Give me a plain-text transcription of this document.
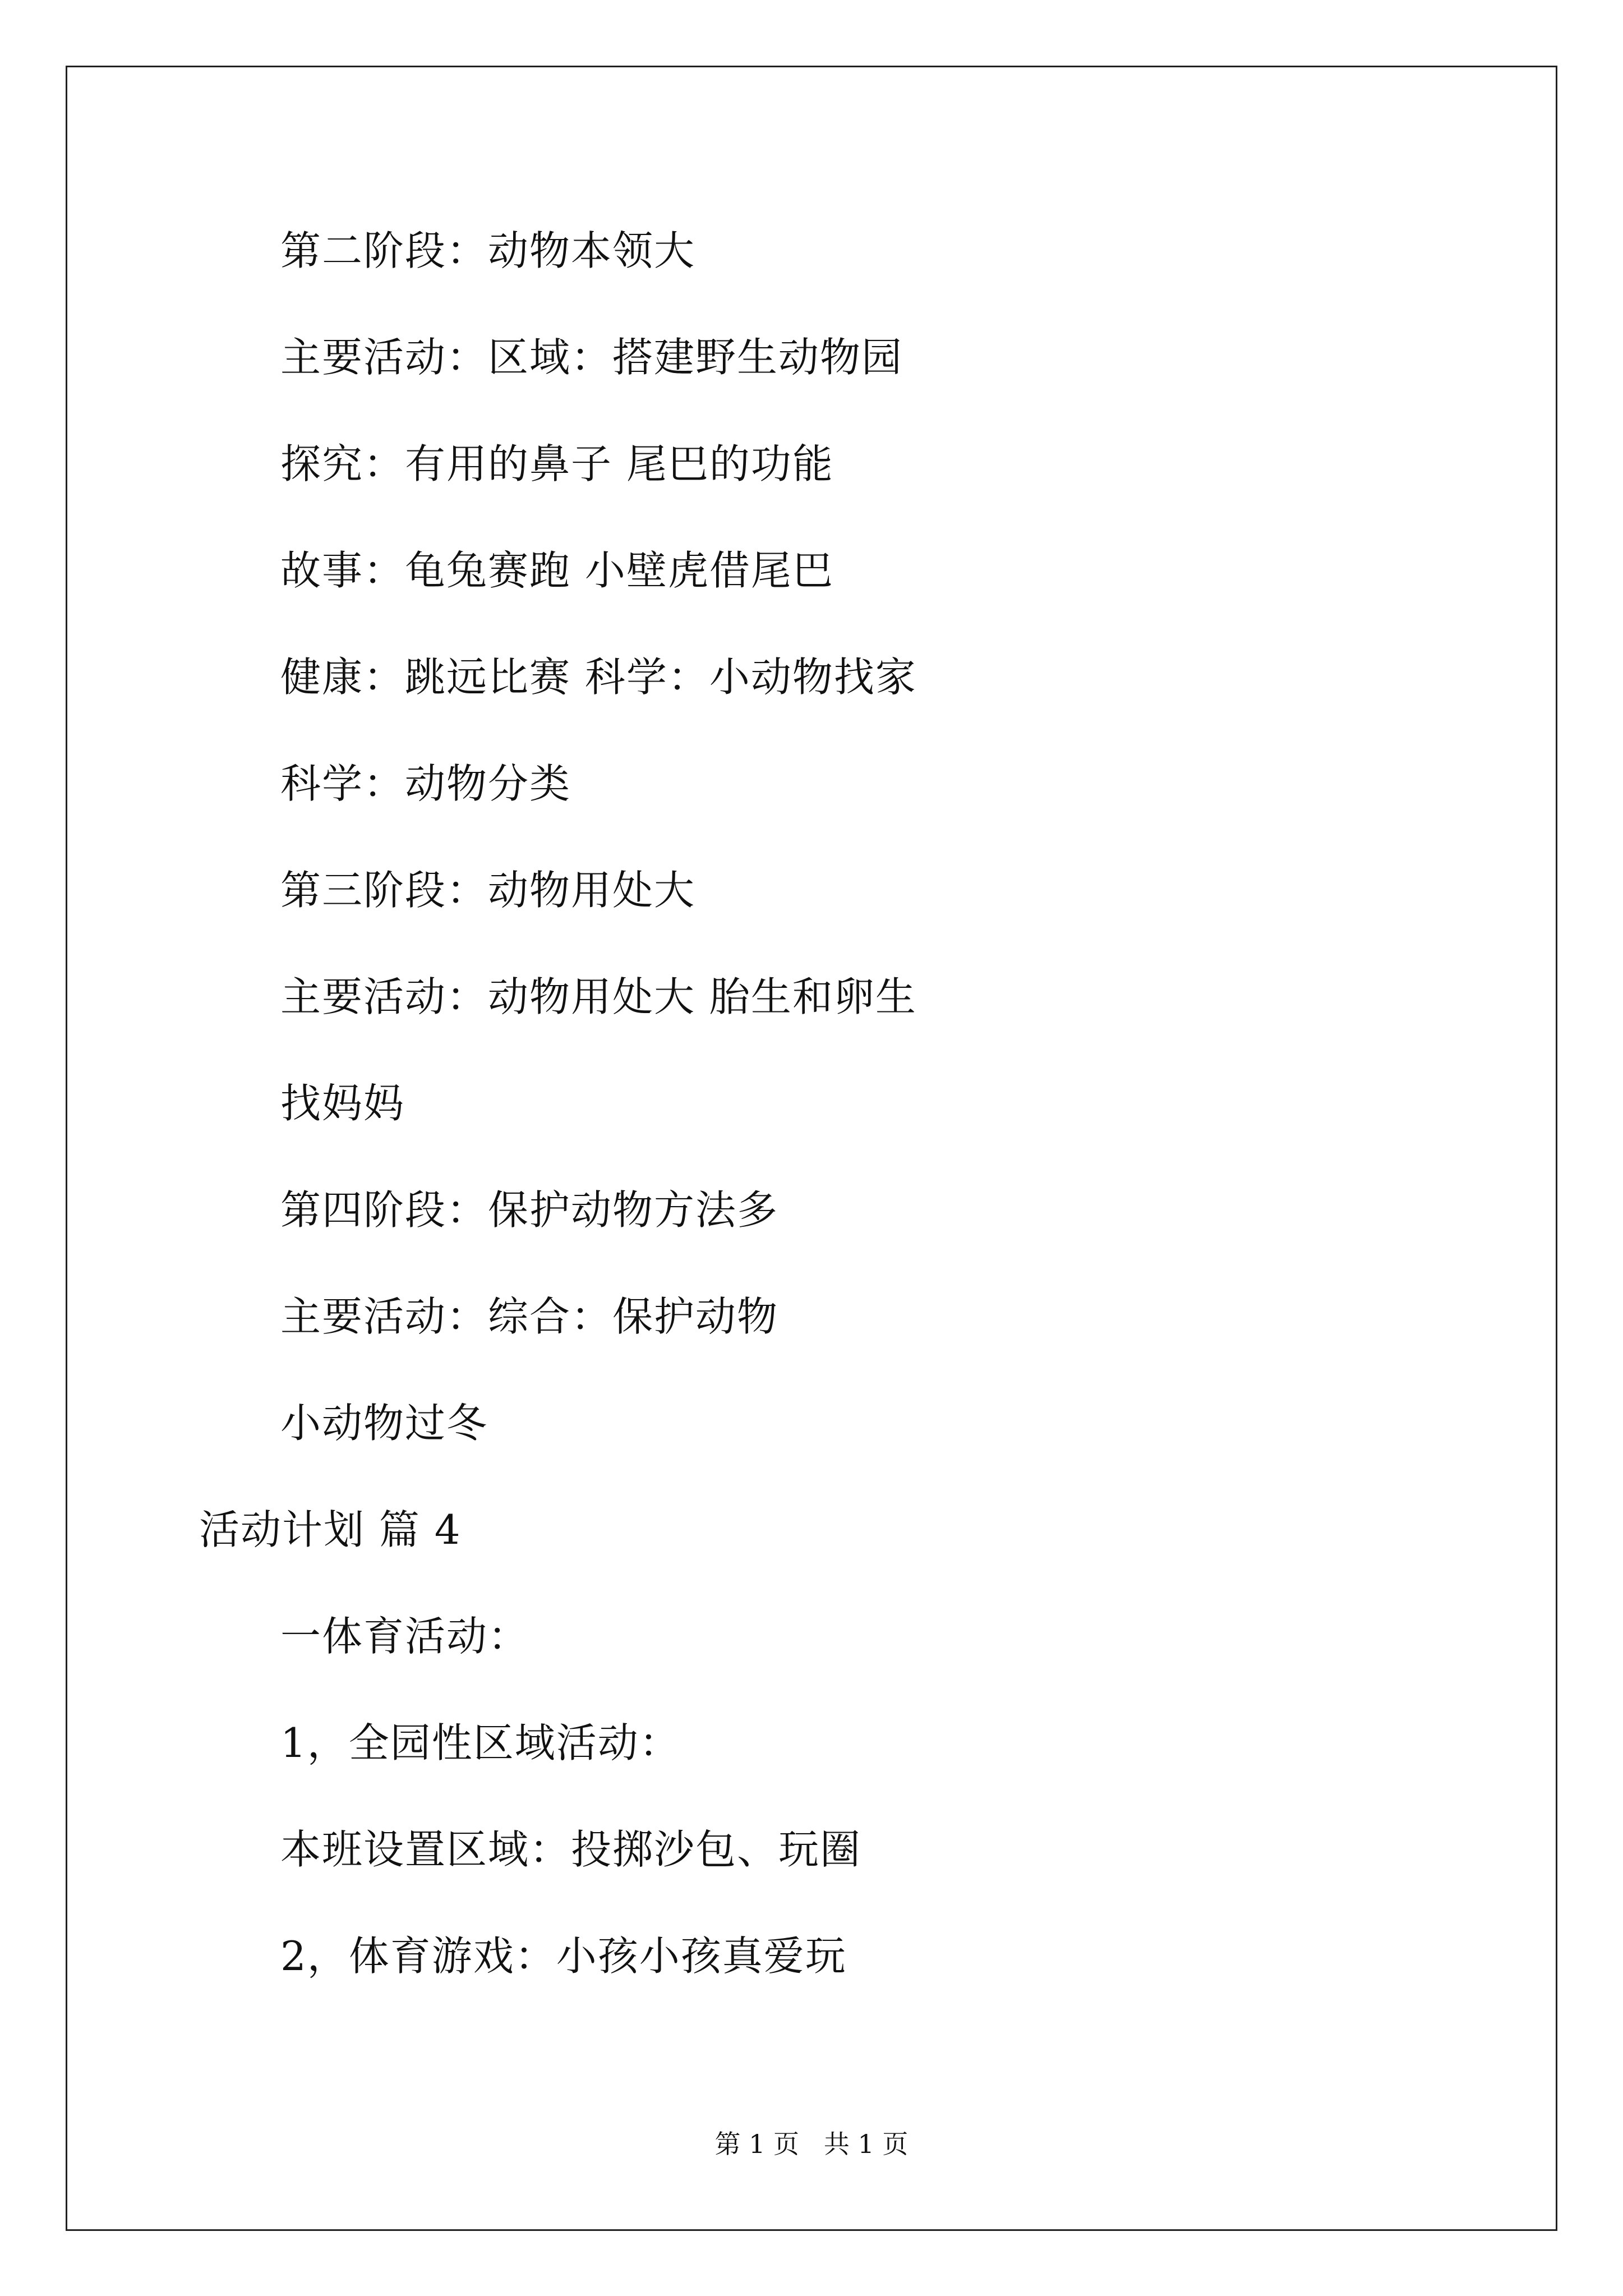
第二阶段：动物本领大
主要活动：区域：搭建野生动物园
探究：有用的鼻子 尾巴的功能
故事：龟兔赛跑 小壁虎借尾巴
健康：跳远比赛 科学：小动物找家
科学：动物分类
第三阶段：动物用处大
主要活动：动物用处大 胎生和卵生
找妈妈
第四阶段：保护动物方法多
主要活动：综合：保护动物
小动物过冬
活动计划 篇 4
一体育活动：
1，全园性区域活动：
本班设置区域：投掷沙包、玩圈
2，体育游戏：小孩小孩真爱玩
第 1 页   共 1 页
